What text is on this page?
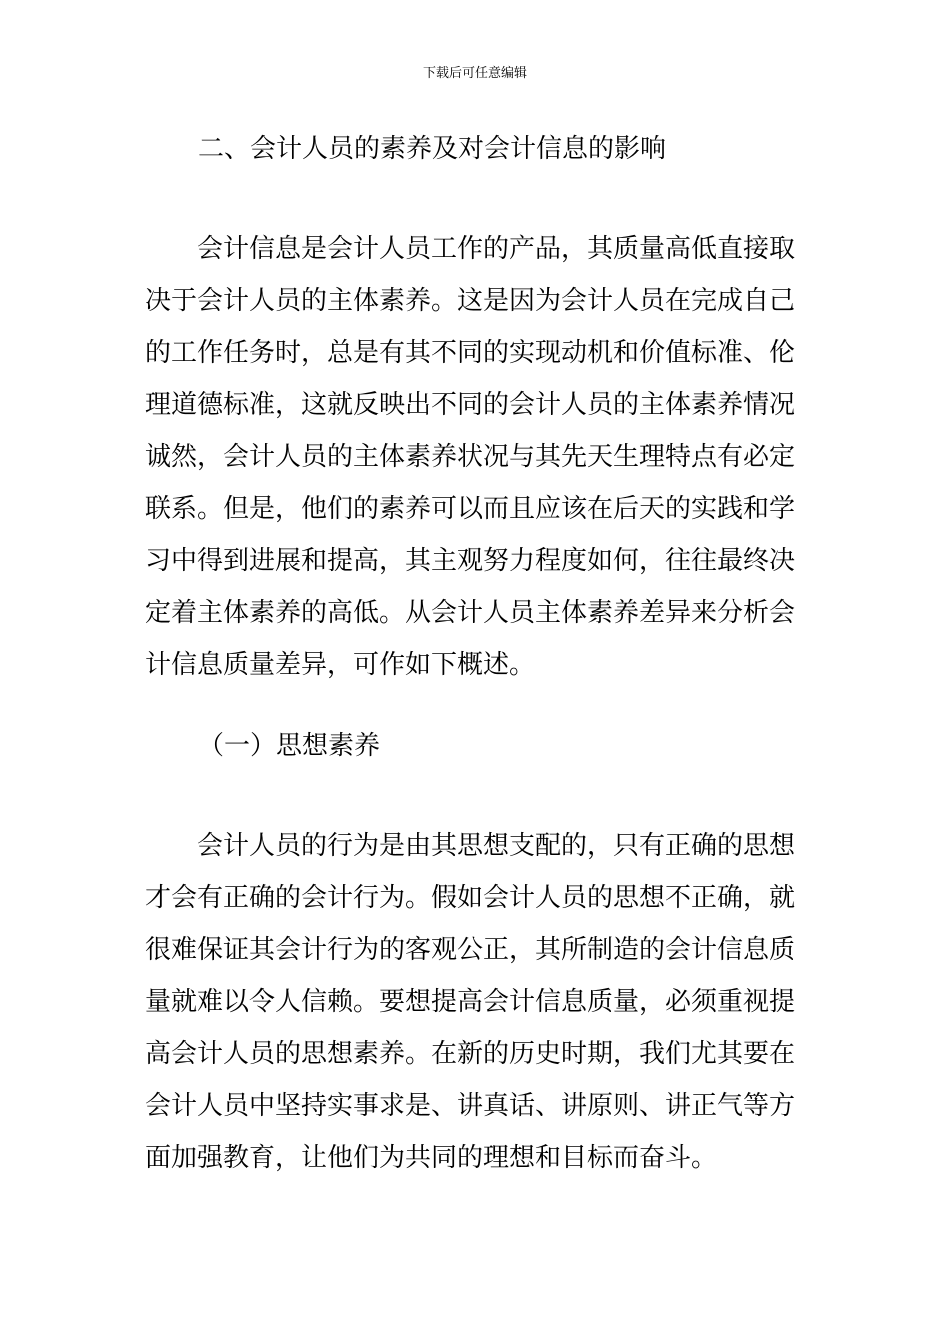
下载后可任意编辑
二、会计人员的素养及对会计信息的影响
会计信息是会计人员工作的产品，其质量高低直接取
决于会计人员的主体素养。这是因为会计人员在完成自己
的工作任务时，总是有其不同的实现动机和价值标准、伦
理道德标准，这就反映出不同的会计人员的主体素养情况
诚然，会计人员的主体素养状况与其先天生理特点有必定
联系。但是，他们的素养可以而且应该在后天的实践和学
习中得到进展和提高，其主观努力程度如何，往往最终决
定着主体素养的高低。从会计人员主体素养差异来分析会
计信息质量差异，可作如下概述。
（一）思想素养
会计人员的行为是由其思想支配的，只有正确的思想
才会有正确的会计行为。假如会计人员的思想不正确，就
很难保证其会计行为的客观公正，其所制造的会计信息质
量就难以令人信赖。要想提高会计信息质量，必须重视提
高会计人员的思想素养。在新的历史时期，我们尤其要在
会计人员中坚持实事求是、讲真话、讲原则、讲正气等方
面加强教育，让他们为共同的理想和目标而奋斗。
